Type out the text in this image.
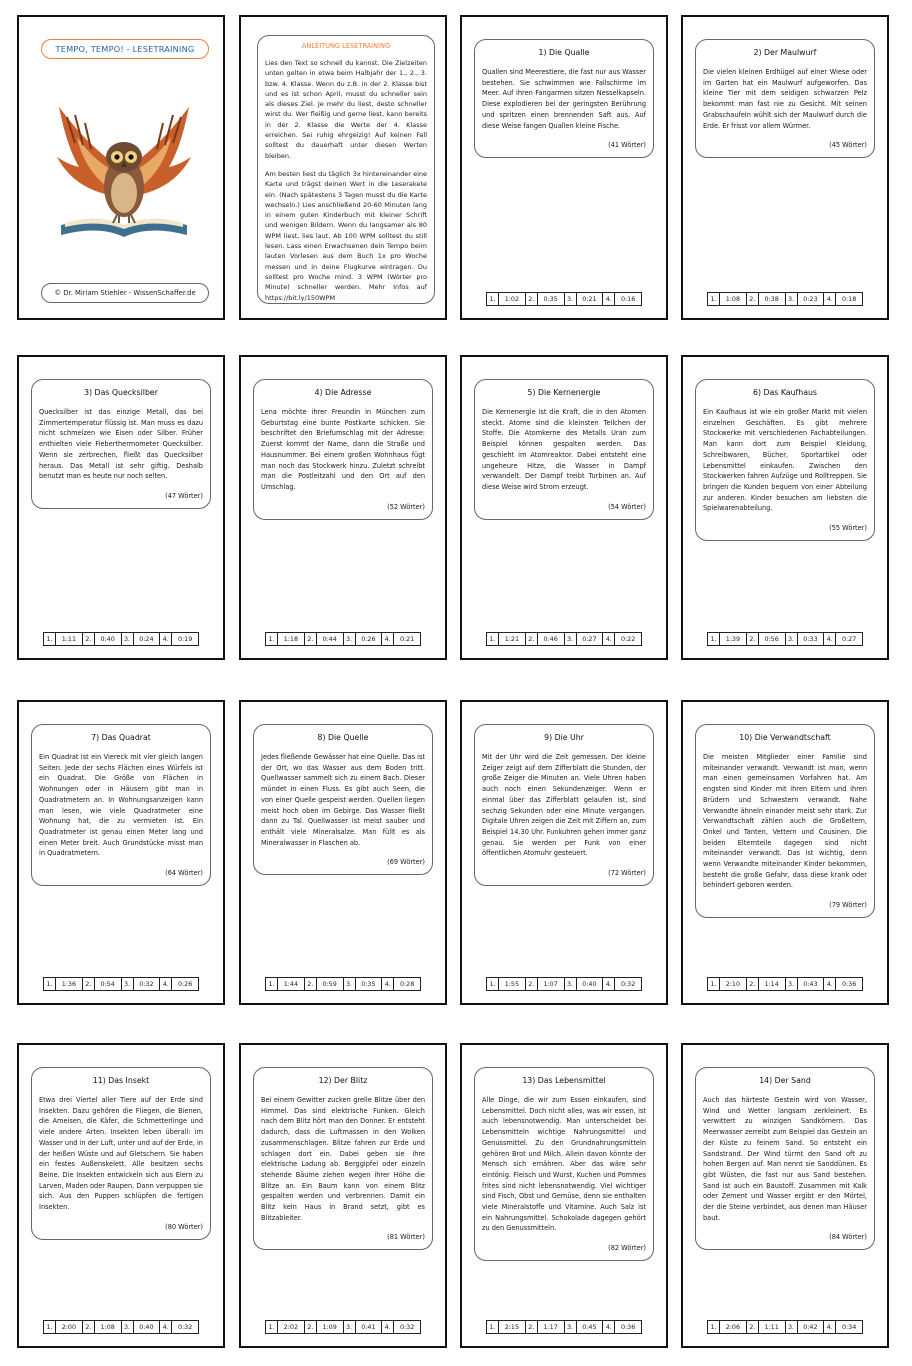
TEMPO, TEMPO! - LESETRAINING
© Dr. Miriam Stiehler - WissenSchaffer.de
ANLEITUNG LESETRAINING

Lies den Text so schnell du kannst. Die Zielzeiten unten gelten in etwa beim Halbjahr der 1., 2., 3. bzw. 4. Klasse. Wenn du z.B. in der 2. Klasse bist und es ist schon April, musst du schneller sein als dieses Ziel. Je mehr du liest, desto schneller wirst du. Wer fleißig und gerne liest, kann bereits in der 2. Klasse die Werte der 4. Klasse erreichen. Sei ruhig ehrgeizig! Auf keinen Fall solltest du dauerhaft unter diesen Werten bleiben.

Am besten liest du täglich 3x hintereinander eine Karte und trägst deinen Wert in die Leserakete ein. (Nach spätestens 3 Tagen musst du die Karte wechseln.) Lies anschließend 20-60 Minuten lang in einem guten Kinderbuch mit kleiner Schrift und wenigen Bildern. Wenn du langsamer als 80 WPM liest, lies laut. Ab 100 WPM solltest du still lesen. Lass einen Erwachsenen dein Tempo beim lauten Vorlesen aus dem Buch 1x pro Woche messen und in deine Flugkurve eintragen. Du solltest pro Woche mind. 3 WPM (Wörter pro Minute) schneller werden. Mehr Infos auf https://bit.ly/150WPM

1) Die Qualle
Quallen sind Meerestiere, die fast nur aus Wasser bestehen. Sie schwimmen wie Fallschirme im Meer. Auf ihren Fangarmen sitzen Nesselkapseln. Diese explodieren bei der geringsten Berührung und spritzen einen brennenden Saft aus. Auf diese Weise fangen Quallen kleine Fische.
(41 Wörter)
1.	1:02	2.	0:35	3.	0:21	4.	0:16
2) Der Maulwurf
Die vielen kleinen Erdhügel auf einer Wiese oder im Garten hat ein Maulwurf aufgeworfen. Das kleine Tier mit dem seidigen schwarzen Pelz bekommt man fast nie zu Gesicht. Mit seinen Grabschaufeln wühlt sich der Maulwurf durch die Erde. Er frisst vor allem Würmer.
(45 Wörter)
1.	1:08	2.	0:38	3.	0:23	4.	0:18
3) Das Quecksilber
Quecksilber ist das einzige Metall, das bei Zimmertemperatur flüssig ist. Man muss es dazu nicht schmelzen wie Eisen oder Silber. Früher enthielten viele Fieberthermometer Quecksilber. Wenn sie zerbrechen, fließt das Quecksilber heraus. Das Metall ist sehr giftig. Deshalb benutzt man es heute nur noch selten.
(47 Wörter)
1.	1:11	2.	0:40	3.	0:24	4.	0:19
4) Die Adresse
Lena möchte ihrer Freundin in München zum Geburtstag eine bunte Postkarte schicken. Sie beschriftet den Briefumschlag mit der Adresse: Zuerst kommt der Name, dann die Straße und Hausnummer. Bei einem großen Wohnhaus fügt man noch das Stockwerk hinzu. Zuletzt schreibt man die Postleitzahl und den Ort auf den Umschlag.
(52 Wörter)
1.	1:18	2.	0:44	3.	0:26	4.	0:21
5) Die Kernenergie
Die Kernenergie ist die Kraft, die in den Atomen steckt. Atome sind die kleinsten Teilchen der Stoffe. Die Atomkerne des Metalls Uran zum Beispiel können gespalten werden. Das geschieht im Atomreaktor. Dabei entsteht eine ungeheure Hitze, die Wasser in Dampf verwandelt. Der Dampf treibt Turbinen an. Auf diese Weise wird Strom erzeugt.
(54 Wörter)
1.	1:21	2.	0:46	3.	0:27	4.	0:22
6) Das Kaufhaus
Ein Kaufhaus ist wie ein großer Markt mit vielen einzelnen Geschäften. Es gibt mehrere Stockwerke mit verschiedenen Fachabteilungen. Man kann dort zum Beispiel Kleidung, Schreibwaren, Bücher, Sportartikel oder Lebensmittel einkaufen. Zwischen den Stockwerken fahren Aufzüge und Rolltreppen. Sie bringen die Kunden bequem von einer Abteilung zur anderen. Kinder besuchen am liebsten die Spielwarenabteilung.
(55 Wörter)
1.	1:39	2.	0:56	3.	0:33	4.	0:27
7) Das Quadrat
Ein Quadrat ist ein Viereck mit vier gleich langen Seiten. Jede der sechs Flächen eines Würfels ist ein Quadrat. Die Größe von Flächen in Wohnungen oder in Häusern gibt man in Quadratmetern an. In Wohnungsanzeigen kann man lesen, wie viele Quadratmeter eine Wohnung hat, die zu vermieten ist. Ein Quadratmeter ist genau einen Meter lang und einen Meter breit. Auch Grundstücke misst man in Quadratmetern.
(64 Wörter)
1.	1:36	2.	0:54	3.	0:32	4.	0:26
8) Die Quelle
Jedes fließende Gewässer hat eine Quelle. Das ist der Ort, wo das Wasser aus dem Boden tritt. Quellwasser sammelt sich zu einem Bach. Dieser mündet in einen Fluss. Es gibt auch Seen, die von einer Quelle gespeist werden. Quellen liegen meist hoch oben im Gebirge. Das Wasser fließt dann zu Tal. Quellwasser ist meist sauber und enthält viele Mineralsalze. Man füllt es als Mineralwasser in Flaschen ab.
(69 Wörter)
1.	1:44	2.	0:59	3.	0:35	4.	0:28
9) Die Uhr
Mit der Uhr wird die Zeit gemessen. Der kleine Zeiger zeigt auf dem Zifferblatt die Stunden, der große Zeiger die Minuten an. Viele Uhren haben auch noch einen Sekundenzeiger. Wenn er einmal über das Zifferblatt gelaufen ist, sind sechzig Sekunden oder eine Minute vergangen. Digitale Uhren zeigen die Zeit mit Ziffern an, zum Beispiel 14.30 Uhr. Funkuhren gehen immer ganz genau. Sie werden per Funk von einer öffentlichen Atomuhr gesteuert.
(72 Wörter)
1.	1:55	2.	1:07	3.	0:40	4.	0:32
10) Die Verwandtschaft
Die meisten Mitglieder einer Familie sind miteinander verwandt. Verwandt ist man, wenn man einen gemeinsamen Vorfahren hat. Am engsten sind Kinder mit ihren Eltern und ihren Brüdern und Schwestern verwandt. Nahe Verwandte ähneln einander meist sehr stark. Zur Verwandtschaft zählen auch die Großeltern, Onkel und Tanten, Vettern und Cousinen. Die beiden Elternteile dagegen sind nicht miteinander verwandt. Das ist wichtig, denn wenn Verwandte miteinander Kinder bekommen, besteht die große Gefahr, dass diese krank oder behindert geboren werden.
(79 Wörter)
1.	2:10	2.	1:14	3.	0:43	4.	0:36
11) Das Insekt
Etwa drei Viertel aller Tiere auf der Erde sind Insekten. Dazu gehören die Fliegen, die Bienen, die Ameisen, die Käfer, die Schmetterlinge und viele andere Arten. Insekten leben überall: im Wasser und in der Luft, unter und auf der Erde, in der heißen Wüste und auf Gletschern. Sie haben ein festes Außenskelett. Alle besitzen sechs Beine. Die Insekten entwickeln sich aus Eiern zu Larven, Maden oder Raupen. Dann verpuppen sie sich. Aus den Puppen schlüpfen die fertigen Insekten.
(80 Wörter)
1.	2:00	2.	1:08	3.	0:40	4.	0:32
12) Der Blitz
Bei einem Gewitter zucken grelle Blitze über den Himmel. Das sind elektrische Funken. Gleich nach dem Blitz hört man den Donner. Er entsteht dadurch, dass die Luftmassen in den Wolken zusammenschlagen. Blitze fahren zur Erde und schlagen dort ein. Dabei geben sie ihre elektrische Ladung ab. Berggipfel oder einzeln stehende Bäume ziehen wegen ihrer Höhe die Blitze an. Ein Baum kann von einem Blitz gespalten werden und verbrennen. Damit ein Blitz kein Haus in Brand setzt, gibt es Blitzableiter.
(81 Wörter)
1.	2:02	2.	1:09	3.	0:41	4.	0:32
13) Das Lebensmittel
Alle Dinge, die wir zum Essen einkaufen, sind Lebensmittel. Doch nicht alles, was wir essen, ist auch lebensnotwendig. Man unterscheidet bei Lebensmitteln wichtige Nahrungsmittel und Genussmittel. Zu den Grundnahrungsmitteln gehören Brot und Milch. Allein davon könnte der Mensch sich ernähren. Aber das wäre sehr eintönig. Fleisch und Wurst, Kuchen und Pommes frites sind nicht lebensnotwendig. Viel wichtiger sind Fisch, Obst und Gemüse, denn sie enthalten viele Mineralstoffe und Vitamine. Auch Salz ist ein Nahrungsmittel. Schokolade dagegen gehört zu den Genussmitteln.
(82 Wörter)
1.	2:15	2.	1:17	3.	0:45	4.	0:36
14) Der Sand
Auch das härteste Gestein wird von Wasser, Wind und Wetter langsam zerkleinert. Es verwittert zu winzigen Sandkörnern. Das Meerwasser zerreibt zum Beispiel das Gestein an der Küste zu feinem Sand. So entsteht ein Sandstrand. Der Wind türmt den Sand oft zu hohen Bergen auf. Man nennt sie Sanddünen. Es gibt Wüsten, die fast nur aus Sand bestehen. Sand ist auch ein Baustoff. Zusammen mit Kalk oder Zement und Wasser ergibt er den Mörtel, der die Steine verbindet, aus denen man Häuser baut.
(84 Wörter)
1.	2:06	2.	1:11	3.	0:42	4.	0:34
